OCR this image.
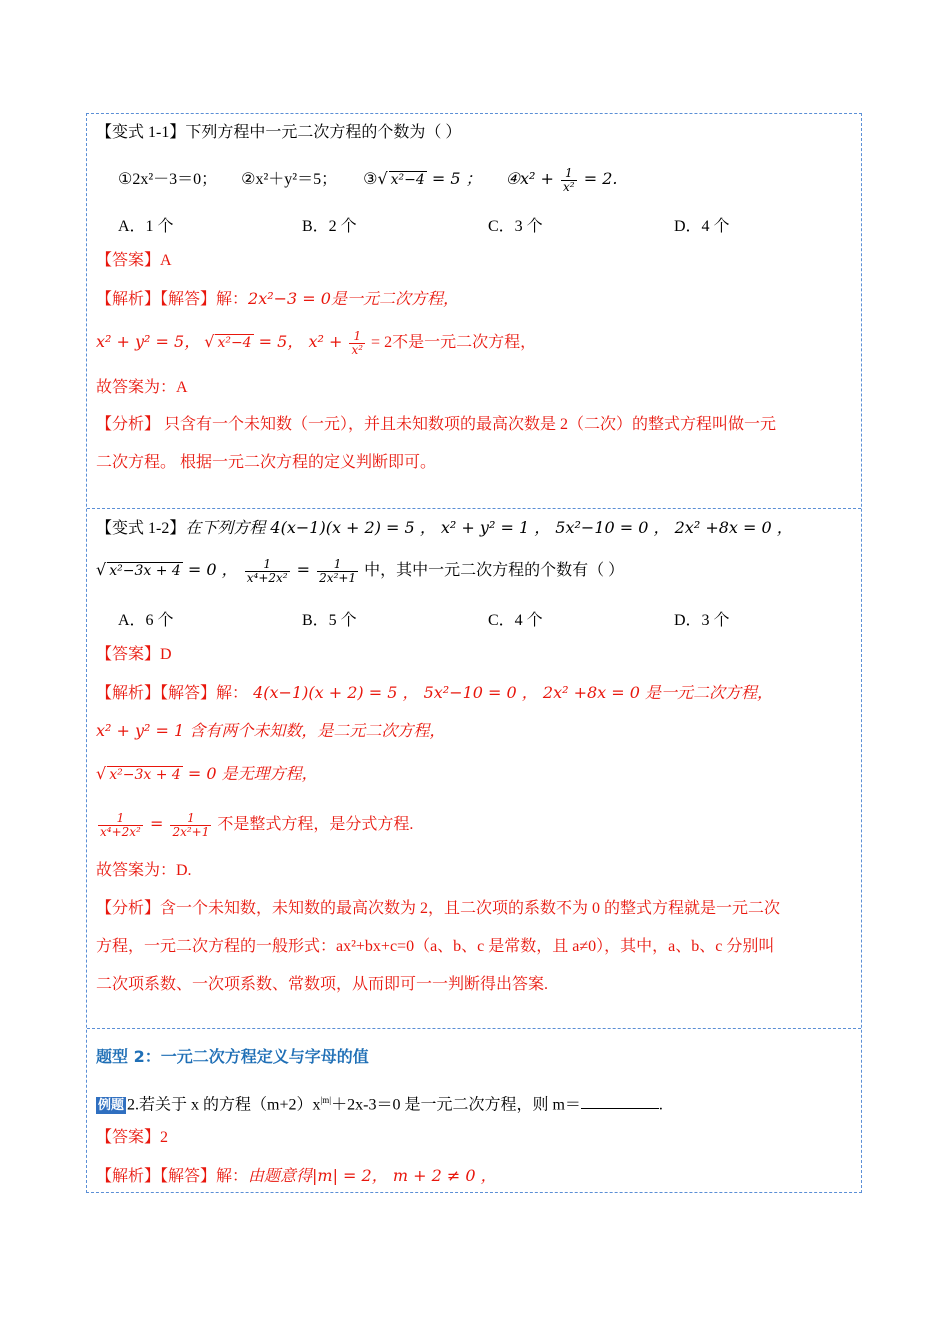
【变式 1-1】下列方程中一元二次方程的个数为（ ）
①2x²－3＝0； ②x²＋y²＝5； ③√ x²−4 = 5 ； ④x² + $\frac{1}{\text{x²}} = 2$.
A．1 个	B．2 个	C．3 个	D．4 个
【答案】A
【解析】【解答】解：2x²−3 = 0是一元二次方程，
x² + y² = 5， √ x²−4 = 5， $x^2 + \frac{1}{\text{x²}} = 2$不是一元二次方程，
故答案为：A
【分析】 只含有一个未知数（一元），并且未知数项的最高次数是 2（二次）的整式方程叫做一元
二次方程。 根据一元二次方程的定义判断即可。
【变式 1-2】在下列方程 4(x−1)(x + 2) = 5 ， x² + y² = 1 ， 5x²−10 = 0 ， 2x² +8x = 0 ，
√ x²−3x + 4 = 0 ， $\frac{1}{\text{x⁴+2x²}} = \frac{1}{\text{2x²+1}}$ 中，其中一元二次方程的个数有（ ）
A．6 个	B．5 个	C．4 个	D．3 个
【答案】D
【解析】【解答】解： 4(x−1)(x + 2) = 5 ， 5x²−10 = 0 ， 2x² +8x = 0 是一元二次方程，
x² + y² = 1 含有两个未知数，是二元二次方程，
√ x²−3x + 4 = 0 是无理方程，
$\frac{1}{\text{x⁴+2x²}} = \frac{1}{\text{2x²+1}}$ 不是整式方程，是分式方程.
故答案为：D.
【分析】含一个未知数，未知数的最高次数为 2，且二次项的系数不为 0 的整式方程就是一元二次
方程，一元二次方程的一般形式：ax²+bx+c=0（a、b、c 是常数，且 a≠0），其中，a、b、c 分别叫
二次项系数、一次项系数、常数项，从而即可一一判断得出答案.
题型 2：一元二次方程定义与字母的值
例题 2.若关于 x 的方程$(m+2)x^{|m|}+2x-3=0$ 是一元二次方程，则 m＝	.
【答案】2
【解析】【解答】解：由题意得|m| = 2， m + 2 ≠ 0 ，
